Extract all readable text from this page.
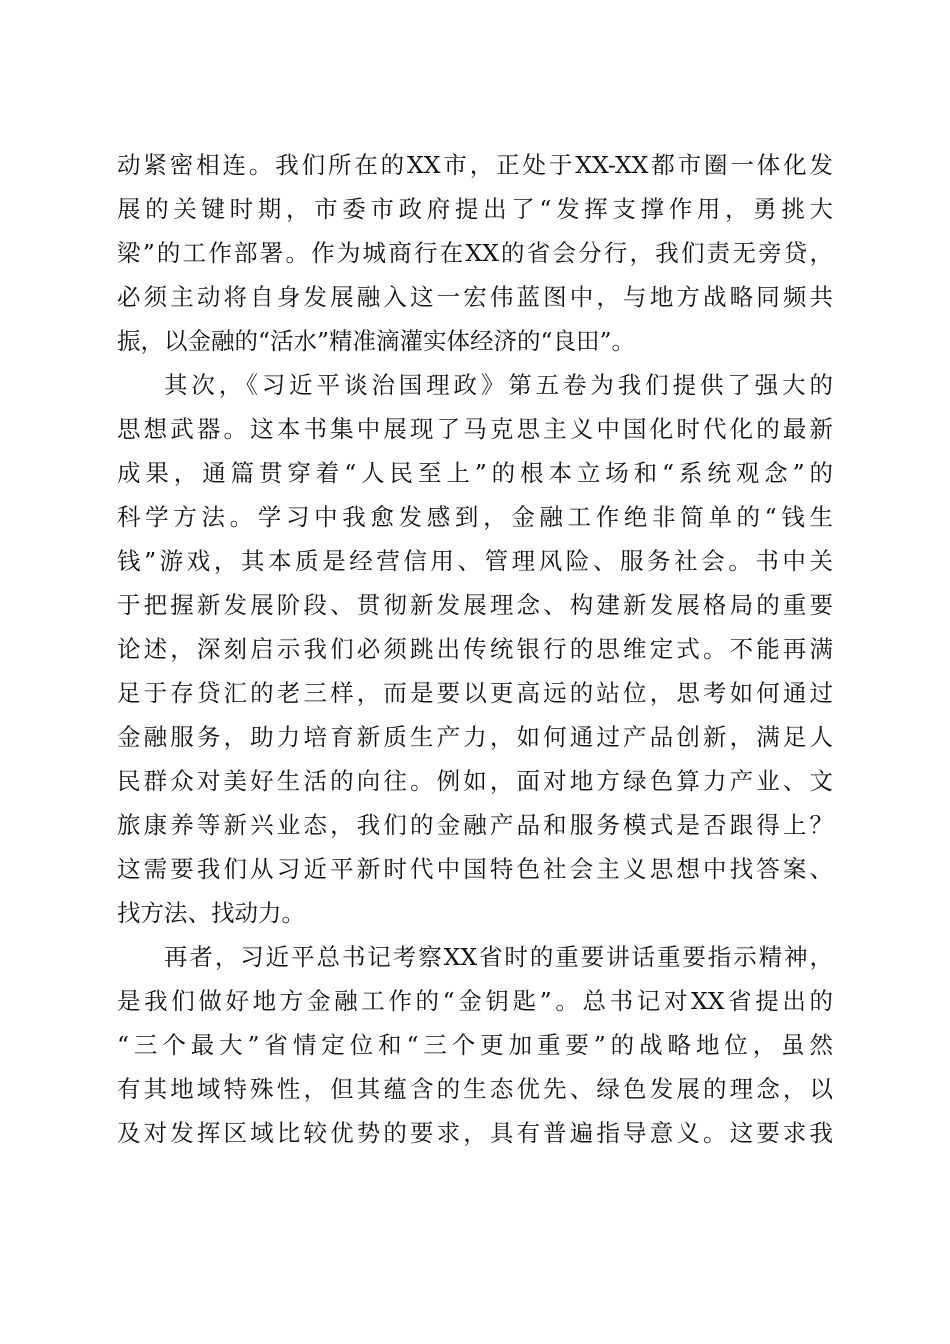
动紧密相连。我们所在的XX市，正处于XX-XX都市圈一体化发
展的关键时期，市委市政府提出了“发挥支撑作用，勇挑大
梁”的工作部署。作为城商行在XX的省会分行，我们责无旁贷，
必须主动将自身发展融入这一宏伟蓝图中，与地方战略同频共
振，以金融的“活水”精准滴灌实体经济的“良田”。
其次，《习近平谈治国理政》第五卷为我们提供了强大的
思想武器。这本书集中展现了马克思主义中国化时代化的最新
成果，通篇贯穿着“人民至上”的根本立场和“系统观念”的
科学方法。学习中我愈发感到，金融工作绝非简单的“钱生
钱”游戏，其本质是经营信用、管理风险、服务社会。书中关
于把握新发展阶段、贯彻新发展理念、构建新发展格局的重要
论述，深刻启示我们必须跳出传统银行的思维定式。不能再满
足于存贷汇的老三样，而是要以更高远的站位，思考如何通过
金融服务，助力培育新质生产力，如何通过产品创新，满足人
民群众对美好生活的向往。例如，面对地方绿色算力产业、文
旅康养等新兴业态，我们的金融产品和服务模式是否跟得上？
这需要我们从习近平新时代中国特色社会主义思想中找答案、
找方法、找动力。
再者，习近平总书记考察XX省时的重要讲话重要指示精神，
是我们做好地方金融工作的“金钥匙”。总书记对XX省提出的
“三个最大”省情定位和“三个更加重要”的战略地位，虽然
有其地域特殊性，但其蕴含的生态优先、绿色发展的理念，以
及对发挥区域比较优势的要求，具有普遍指导意义。这要求我
